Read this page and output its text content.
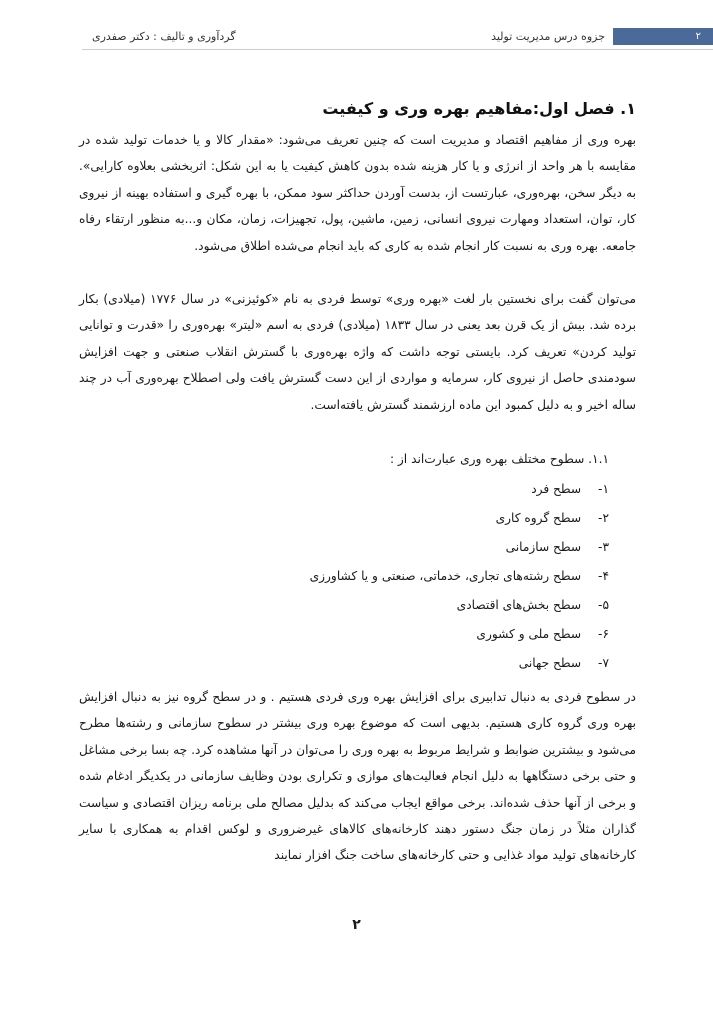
۲
جزوه درس مدیریت تولید
گردآوری و تالیف : دکتر صفدری
۱. فصل اول:مفاهیم بهره وری و کیفیت

بهره وری از مفاهیم اقتصاد و مدیریت است که چنین تعریف می‌شود: «مقدار کالا و یا خدمات تولید شده در مقایسه با هر واحد از انرژی و یا کار هزینه شده بدون کاهش کیفیت یا به این شکل: اثربخشی بعلاوه کارایی». به دیگر سخن، بهره‌وری، عبارتست از، بدست آوردن حداکثر سود ممکن، با بهره گیری و استفاده بهینه از نیروی کار، توان، استعداد ومهارت نیروی انسانی، زمین، ماشین، پول، تجهیزات، زمان، مکان و...به منظور ارتقاء رفاه جامعه. بهره وری به نسبت کار انجام شده به کاری که باید انجام می‌شده اطلاق می‌شود.

می‌توان گفت برای نخستین بار لغت «بهره وری» توسط فردی به نام «کوئیزنی» در سال ۱۷۷۶ (میلادی) بکار برده شد. بیش از یک قرن بعد یعنی در سال ۱۸۳۳ (میلادی) فردی به اسم «لیتر» بهره‌وری را «قدرت و توانایی تولید کردن» تعریف کرد. بایستی توجه داشت که واژه بهره‌وری با گسترش انقلاب صنعتی و جهت افزایش سودمندی حاصل از نیروی کار، سرمایه و مواردی از این دست گسترش یافت ولی اصطلاح بهره‌وری آب در چند ساله اخیر و به دلیل کمبود این ماده ارزشمند گسترش یافته‌است.

۱.۱. سطوح مختلف بهره وری عبارت‌اند از :
۱- سطح فرد
۲- سطح گروه کاری
۳- سطح سازمانی
۴- سطح رشته‌های تجاری، خدماتی، صنعتی و یا کشاورزی
۵- سطح بخش‌های اقتصادی
۶- سطح ملی و کشوری
۷- سطح جهانی

در سطوح فردی به دنبال تدابیری برای افزایش بهره وری فردی هستیم . و در سطح گروه نیز به دنبال افزایش بهره وری گروه کاری هستیم. بدیهی است که موضوع بهره وری بیشتر در سطوح سازمانی و رشته‌ها مطرح می‌شود و بیشترین ضوابط و شرایط مربوط به بهره وری را می‌توان در آنها مشاهده کرد. چه بسا برخی مشاغل و حتی برخی دستگاهها به دلیل انجام فعالیت‌های موازی و تکراری بودن وظایف سازمانی در یکدیگر ادغام شده و برخی از آنها حذف شده‌اند. برخی مواقع ایجاب می‌کند که بدلیل مصالح ملی برنامه ریزان اقتصادی و سیاست گذاران مثلاً در زمان جنگ دستور دهند کارخانه‌های کالاهای غیرضروری و لوکس اقدام به همکاری با سایر کارخانه‌های تولید مواد غذایی و حتی کارخانه‌های ساخت جنگ افزار نمایند

۲
